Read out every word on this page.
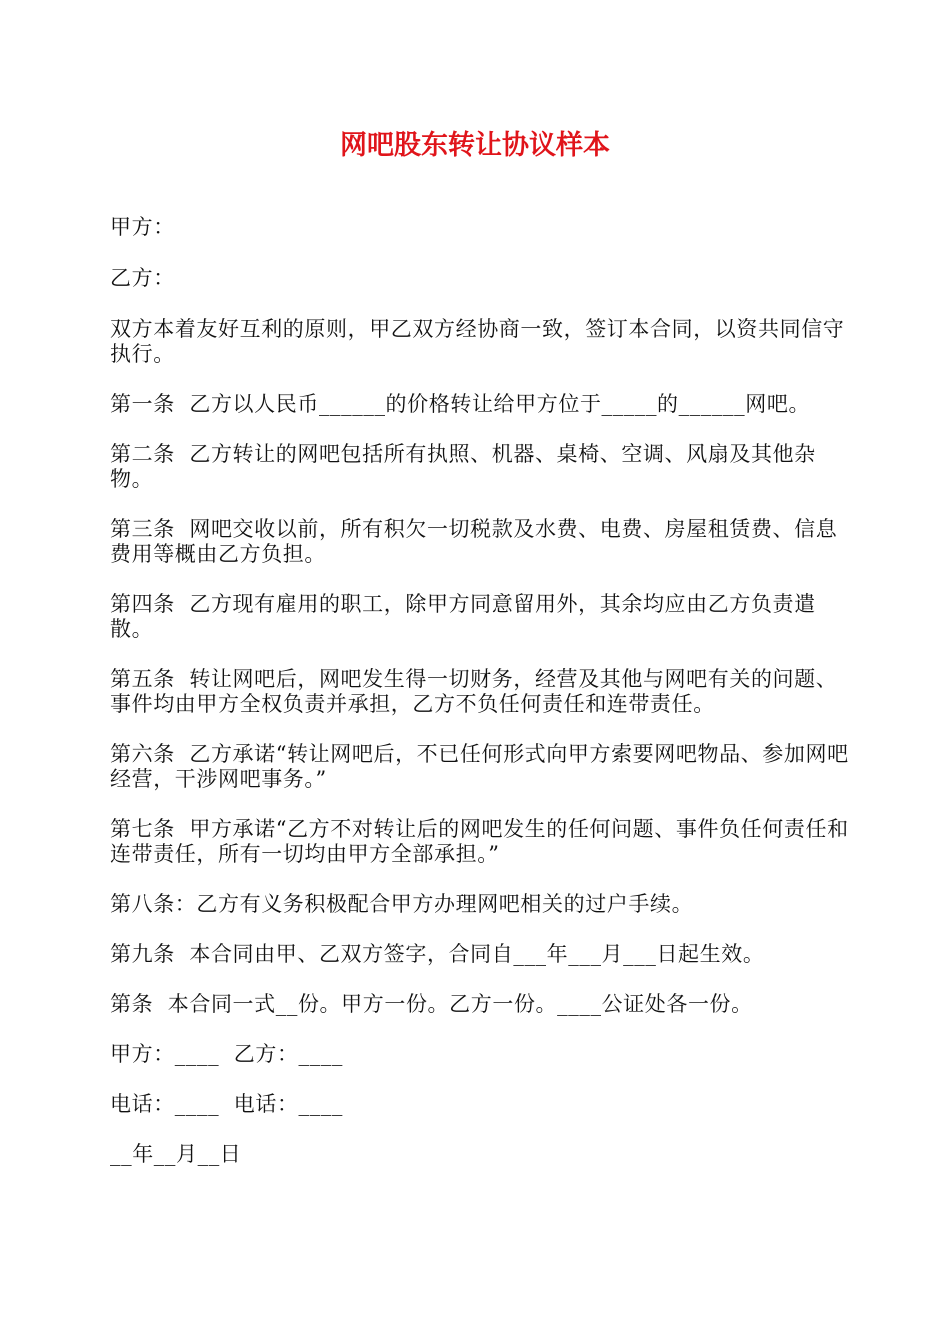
网吧股东转让协议样本

甲方：

乙方：

双方本着友好互利的原则，甲乙双方经协商一致，签订本合同，以资共同信守执行。

第一条  乙方以人民币______的价格转让给甲方位于_____的______网吧。

第二条  乙方转让的网吧包括所有执照、机器、桌椅、空调、风扇及其他杂物。

第三条  网吧交收以前，所有积欠一切税款及水费、电费、房屋租赁费、信息费用等概由乙方负担。

第四条  乙方现有雇用的职工，除甲方同意留用外，其余均应由乙方负责遣散。

第五条  转让网吧后，网吧发生得一切财务，经营及其他与网吧有关的问题、事件均由甲方全权负责并承担，乙方不负任何责任和连带责任。

第六条  乙方承诺“转让网吧后，不已任何形式向甲方索要网吧物品、参加网吧经营，干涉网吧事务。”

第七条  甲方承诺“乙方不对转让后的网吧发生的任何问题、事件负任何责任和连带责任，所有一切均由甲方全部承担。”

第八条：乙方有义务积极配合甲方办理网吧相关的过户手续。

第九条  本合同由甲、乙双方签字，合同自___年___月___日起生效。

第条  本合同一式__份。甲方一份。乙方一份。____公证处各一份。

甲方：____  乙方：____

电话：____  电话：____

__年__月__日
